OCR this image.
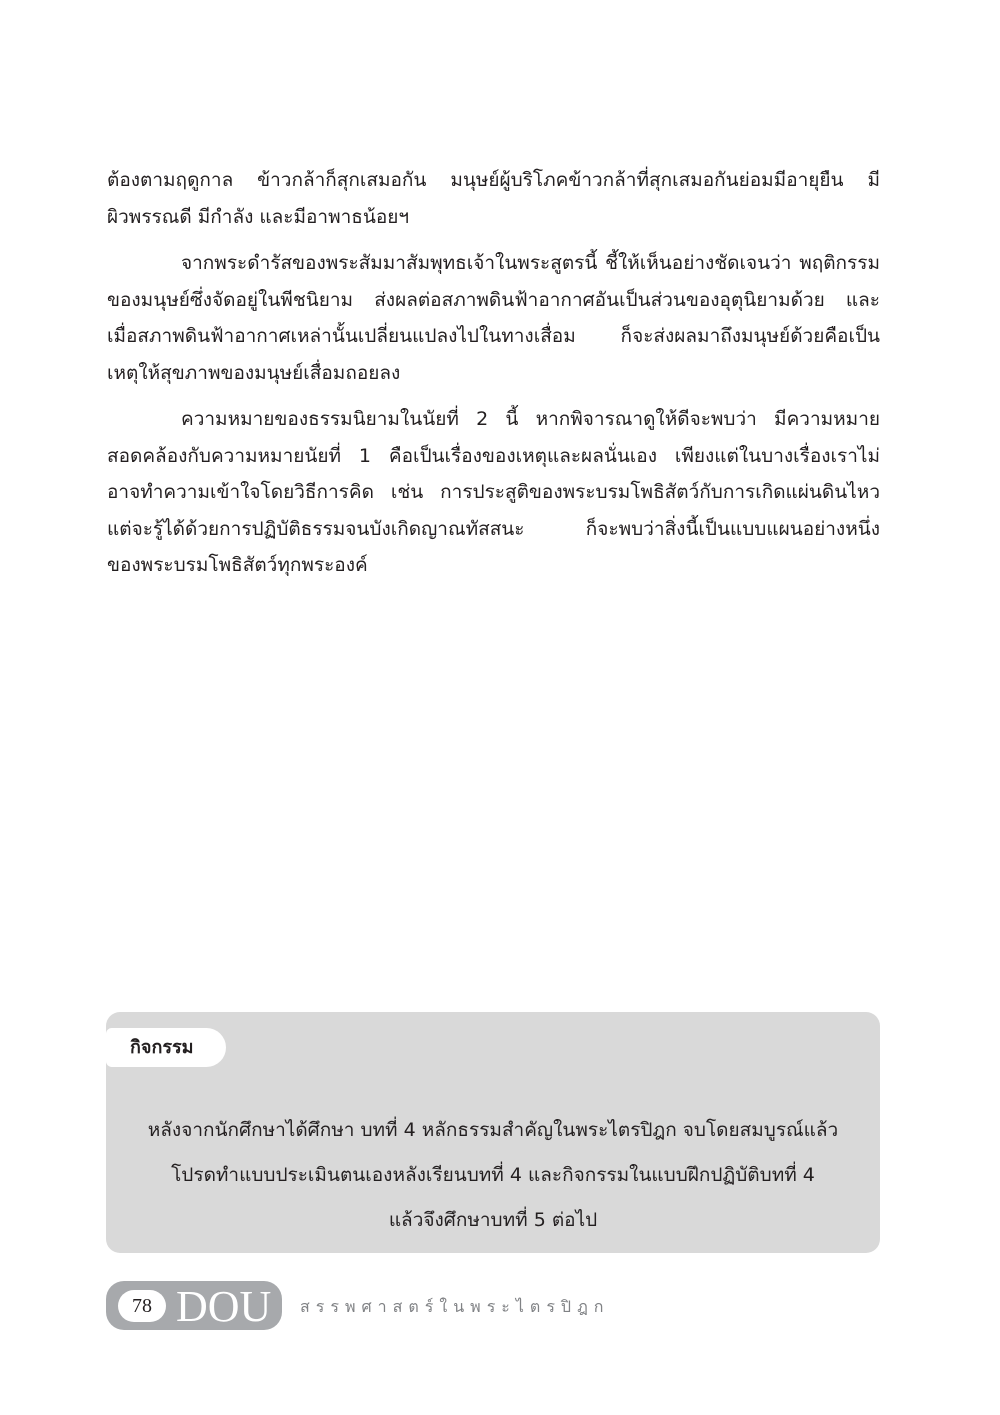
ต้องตามฤดูกาล ข้าวกล้าก็สุกเสมอกัน มนุษย์ผู้บริโภคข้าวกล้าที่สุกเสมอกันย่อมมีอายุยืน มี
ผิวพรรณดี มีกำลัง และมีอาพาธน้อยฯ

จากพระดำรัสของพระสัมมาสัมพุทธเจ้าในพระสูตรนี้ ชี้ให้เห็นอย่างชัดเจนว่า พฤติกรรม
ของมนุษย์ซึ่งจัดอยู่ในพีชนิยาม ส่งผลต่อสภาพดินฟ้าอากาศอันเป็นส่วนของอุตุนิยามด้วย และ
เมื่อสภาพดินฟ้าอากาศเหล่านั้นเปลี่ยนแปลงไปในทางเสื่อม ก็จะส่งผลมาถึงมนุษย์ด้วยคือเป็น
เหตุให้สุขภาพของมนุษย์เสื่อมถอยลง

ความหมายของธรรมนิยามในนัยที่ 2 นี้ หากพิจารณาดูให้ดีจะพบว่า มีความหมาย
สอดคล้องกับความหมายนัยที่ 1 คือเป็นเรื่องของเหตุและผลนั่นเอง เพียงแต่ในบางเรื่องเราไม่
อาจทำความเข้าใจโดยวิธีการคิด เช่น การประสูติของพระบรมโพธิสัตว์กับการเกิดแผ่นดินไหว
แต่จะรู้ได้ด้วยการปฏิบัติธรรมจนบังเกิดญาณทัสสนะ ก็จะพบว่าสิ่งนี้เป็นแบบแผนอย่างหนึ่ง
ของพระบรมโพธิสัตว์ทุกพระองค์

กิจกรรม
หลังจากนักศึกษาได้ศึกษา บทที่ 4 หลักธรรมสำคัญในพระไตรปิฎก จบโดยสมบูรณ์แล้ว
โปรดทำแบบประเมินตนเองหลังเรียนบทที่ 4 และกิจกรรมในแบบฝึกปฏิบัติบทที่ 4
แล้วจึงศึกษาบทที่ 5 ต่อไป
78 DOU สรรพศาสตร์ในพระไตรปิฎก
